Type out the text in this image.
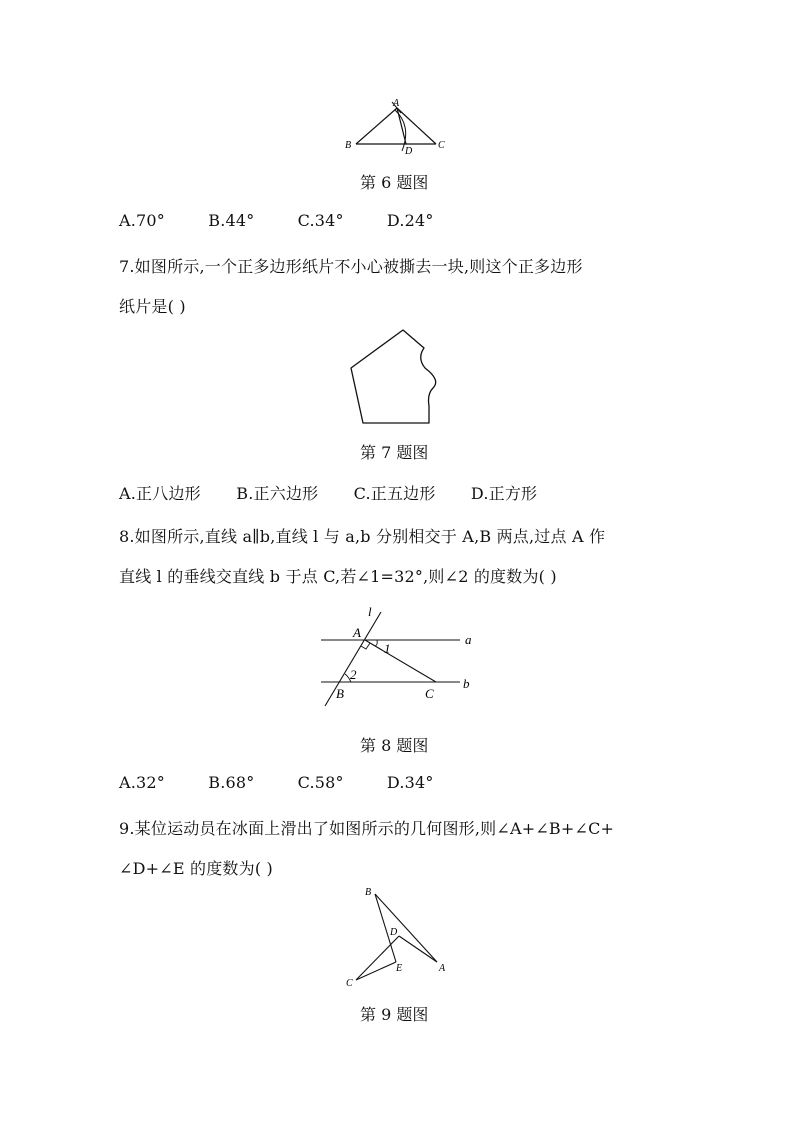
A
B
D
C
第 6 题图
A.70°	B.44°	C.34°	D.24°
7.如图所示,一个正多边形纸片不小心被撕去一块,则这个正多边形
纸片是( )
第 7 题图
A.正八边形 B.正六边形 C.正五边形 D.正方形
8.如图所示,直线 a∥b,直线 l 与 a,b 分别相交于 A,B 两点,过点 A 作
直线 l 的垂线交直线 b 于点 C,若∠1=32°,则∠2 的度数为( )
l
A	a
1
2
B	C
b
第 8 题图
A.32°	B.68°	C.58°	D.34°
9.某位运动员在冰面上滑出了如图所示的几何图形,则∠A+∠B+∠C+
∠D+∠E 的度数为( )
B
D
E
C
A
第 9 题图
